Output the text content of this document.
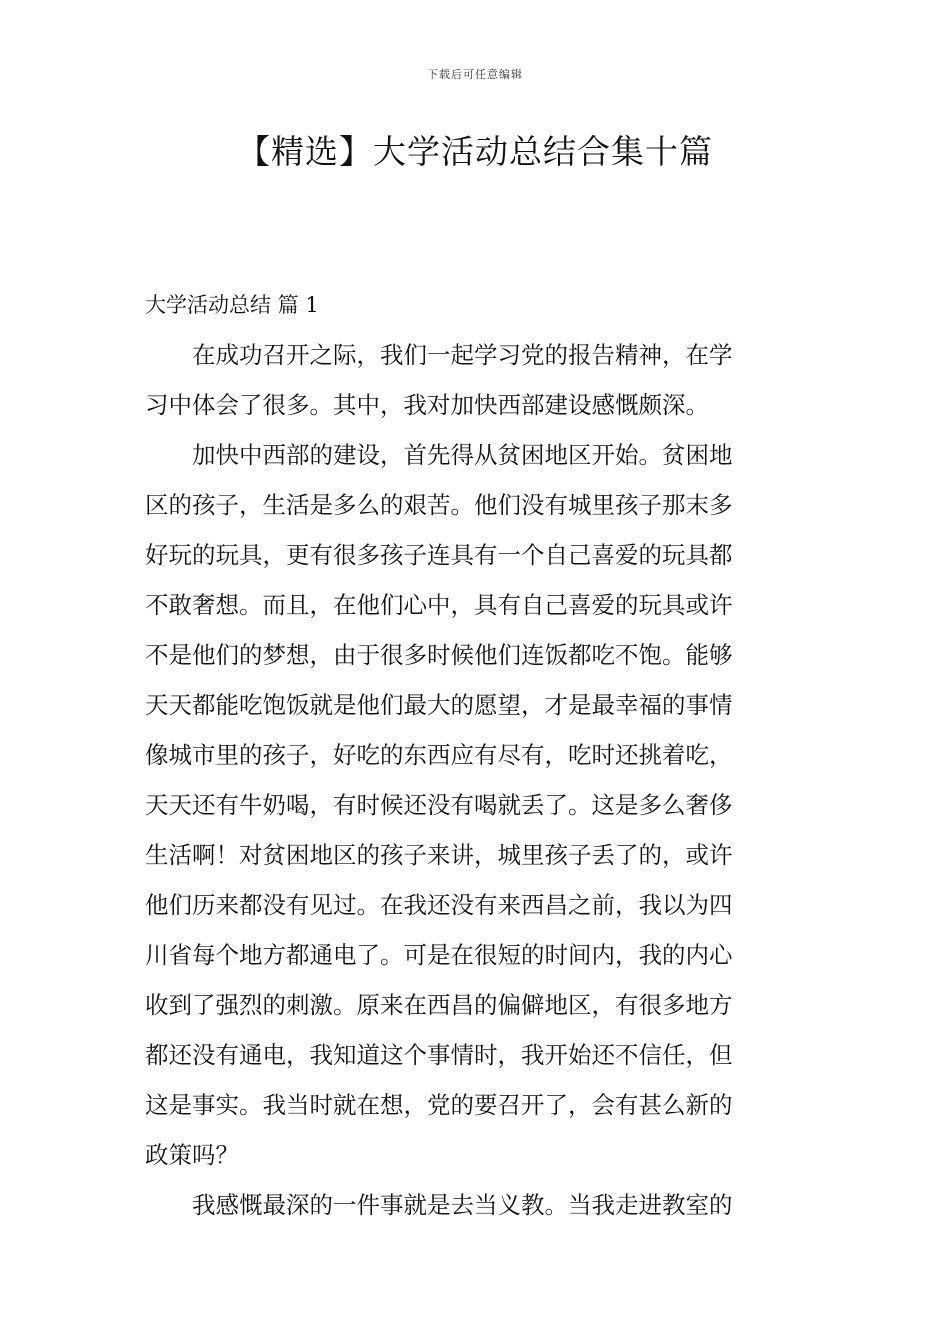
下载后可任意编辑
【精选】大学活动总结合集十篇
大学活动总结 篇 1
　　在成功召开之际，我们一起学习党的报告精神，在学
习中体会了很多。其中，我对加快西部建设感慨颇深。
　　加快中西部的建设，首先得从贫困地区开始。贫困地
区的孩子，生活是多么的艰苦。他们没有城里孩子那末多
好玩的玩具，更有很多孩子连具有一个自己喜爱的玩具都
不敢奢想。而且，在他们心中，具有自己喜爱的玩具或许
不是他们的梦想，由于很多时候他们连饭都吃不饱。能够
天天都能吃饱饭就是他们最大的愿望，才是最幸福的事情
像城市里的孩子，好吃的东西应有尽有，吃时还挑着吃，
天天还有牛奶喝，有时候还没有喝就丢了。这是多么奢侈
生活啊！对贫困地区的孩子来讲，城里孩子丢了的，或许
他们历来都没有见过。在我还没有来西昌之前，我以为四
川省每个地方都通电了。可是在很短的时间内，我的内心
收到了强烈的刺激。原来在西昌的偏僻地区，有很多地方
都还没有通电，我知道这个事情时，我开始还不信任，但
这是事实。我当时就在想，党的要召开了，会有甚么新的
政策吗？
　　我感慨最深的一件事就是去当义教。当我走进教室的
